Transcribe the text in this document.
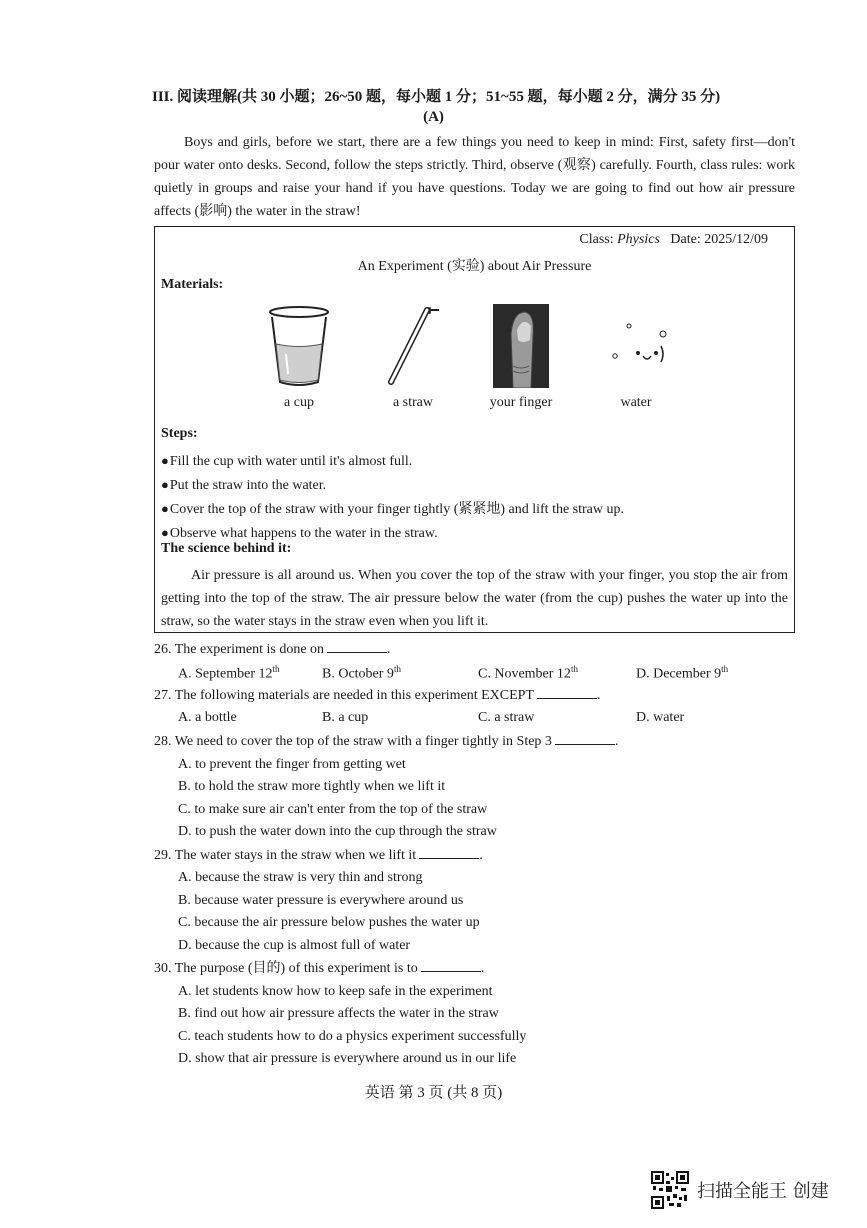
III. 阅读理解(共 30 小题；26~50 题，每小题 1 分；51~55 题，每小题 2 分，满分 35 分)
(A)

Boys and girls, before we start, there are a few things you need to keep in mind: First, safety first—don't pour water onto desks. Second, follow the steps strictly. Third, observe (观察) carefully. Fourth, class rules: work quietly in groups and raise your hand if you have questions. Today we are going to find out how air pressure affects (影响) the water in the straw!

Class: Physics Date: 2025/12/09
An Experiment (实验) about Air Pressure
Materials:
a cup	a straw	your finger	water
Steps:
● Fill the cup with water until it's almost full.
● Put the straw into the water.
● Cover the top of the straw with your finger tightly (紧紧地) and lift the straw up.
● Observe what happens to the water in the straw.
The science behind it:
Air pressure is all around us. When you cover the top of the straw with your finger, you stop the air from getting into the top of the straw. The air pressure below the water (from the cup) pushes the water up into the straw, so the water stays in the straw even when you lift it.
26. The experiment is done on	.
A. September 12th	B. October 9th	C. November 12th	D. December 9th
27. The following materials are needed in this experiment EXCEPT	.
A. a bottle	B. a cup	C. a straw	D. water
28. We need to cover the top of the straw with a finger tightly in Step 3	.
A. to prevent the finger from getting wet
B. to hold the straw more tightly when we lift it
C. to make sure air can't enter from the top of the straw
D. to push the water down into the cup through the straw
29. The water stays in the straw when we lift it	.
A. because the straw is very thin and strong
B. because water pressure is everywhere around us
C. because the air pressure below pushes the water up
D. because the cup is almost full of water
30. The purpose (目的) of this experiment is to	.
A. let students know how to keep safe in the experiment
B. find out how air pressure affects the water in the straw
C. teach students how to do a physics experiment successfully
D. show that air pressure is everywhere around us in our life
英语 第 3 页 (共 8 页)
扫描全能王 创建
